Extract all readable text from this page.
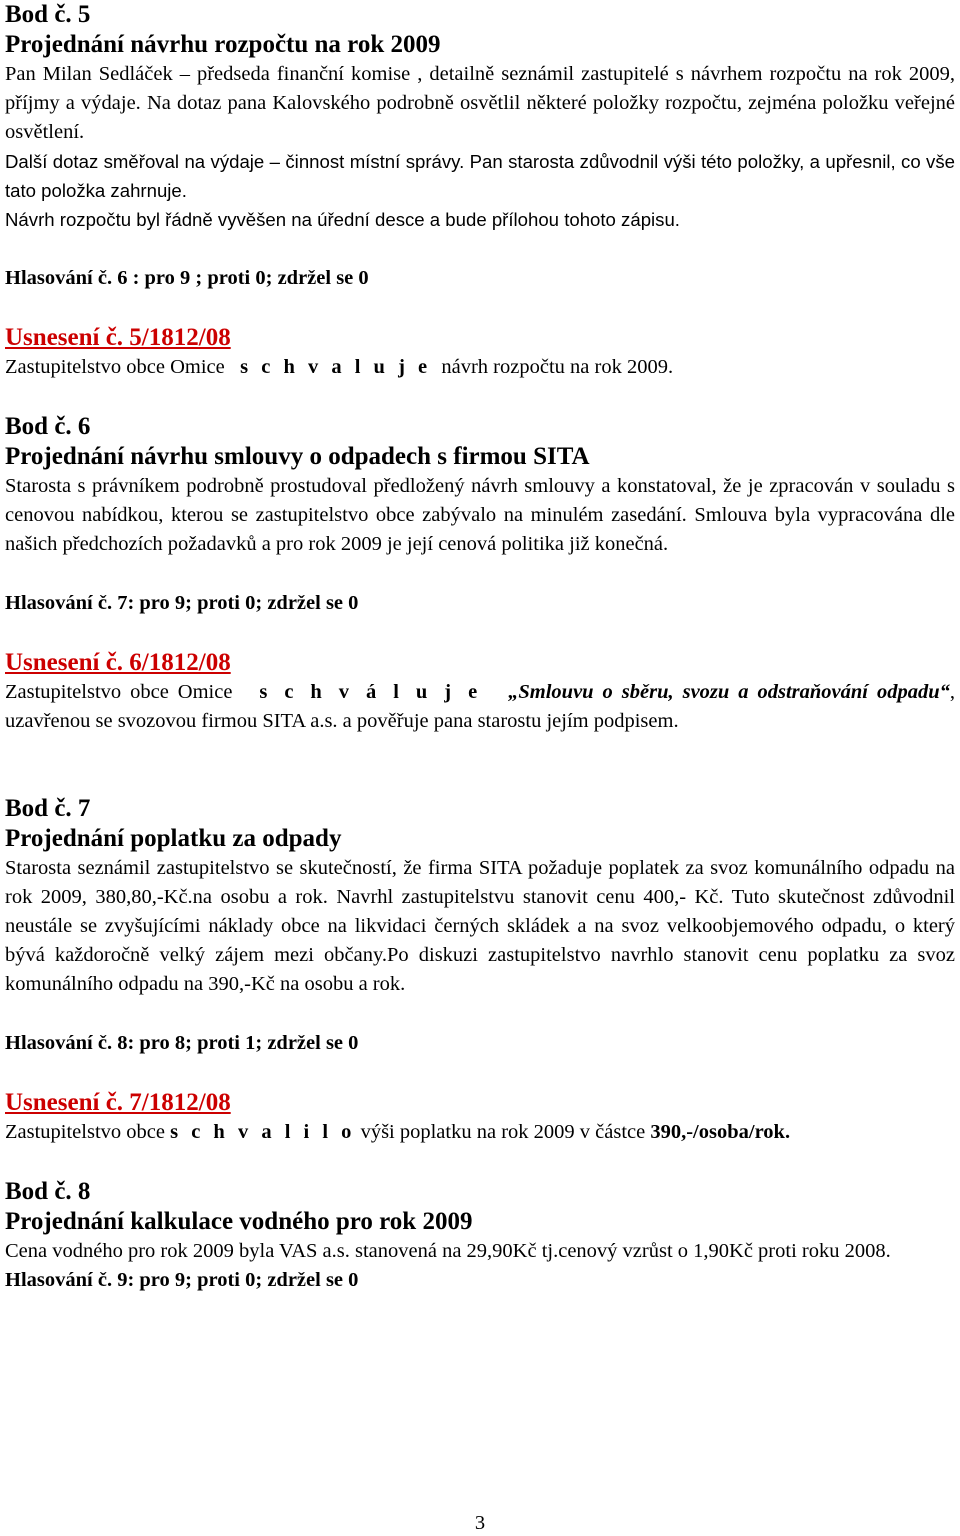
Bod č. 5

Projednání návrhu rozpočtu na rok 2009

Pan Milan Sedláček – předseda finanční komise , detailně seznámil zastupitelé s návrhem rozpočtu na rok 2009, příjmy a výdaje. Na dotaz pana Kalovského podrobně osvětlil některé položky rozpočtu, zejména položku veřejné osvětlení.

Další dotaz směřoval na výdaje – činnost místní správy. Pan starosta zdůvodnil výši této položky, a upřesnil, co vše tato položka zahrnuje.

Návrh rozpočtu byl řádně vyvěšen na úřední desce a bude přílohou tohoto zápisu.

Hlasování č. 6 : pro 9 ; proti 0; zdržel se 0

Usnesení č. 5/1812/08

Zastupitelstvo obce Omice s c h v a l u j e návrh rozpočtu na rok 2009.

Bod č. 6

Projednání návrhu smlouvy o odpadech s firmou SITA

Starosta s právníkem podrobně prostudoval předložený návrh smlouvy a konstatoval, že je zpracován v souladu s cenovou nabídkou, kterou se zastupitelstvo obce zabývalo na minulém zasedání. Smlouva byla vypracována dle našich předchozích požadavků a pro rok 2009 je její cenová politika již konečná.

Hlasování č. 7: pro 9; proti 0; zdržel se 0

Usnesení č. 6/1812/08

Zastupitelstvo obce Omice s c h v á l u j e „Smlouvu o sběru, svozu a odstraňování odpadu“, uzavřenou se svozovou firmou SITA a.s. a pověřuje pana starostu jejím podpisem.

Bod č. 7

Projednání poplatku za odpady

Starosta seznámil zastupitelstvo se skutečností, že firma SITA požaduje poplatek za svoz komunálního odpadu na rok 2009, 380,80,-Kč.na osobu a rok. Navrhl zastupitelstvu stanovit cenu 400,- Kč. Tuto skutečnost zdůvodnil neustále se zvyšujícími náklady obce na likvidaci černých skládek a na svoz velkoobjemového odpadu, o který bývá každoročně velký zájem mezi občany.Po diskuzi zastupitelstvo navrhlo stanovit cenu poplatku za svoz komunálního odpadu na 390,-Kč na osobu a rok.

Hlasování č. 8: pro 8; proti 1; zdržel se 0

Usnesení č. 7/1812/08

Zastupitelstvo obce s c h v a l i l o výši poplatku na rok 2009 v částce 390,-/osoba/rok.

Bod č. 8

Projednání kalkulace vodného pro rok 2009

Cena vodného pro rok 2009 byla VAS a.s. stanovená na 29,90Kč tj.cenový vzrůst o 1,90Kč proti roku 2008.

Hlasování č. 9: pro 9; proti 0; zdržel se 0

3
